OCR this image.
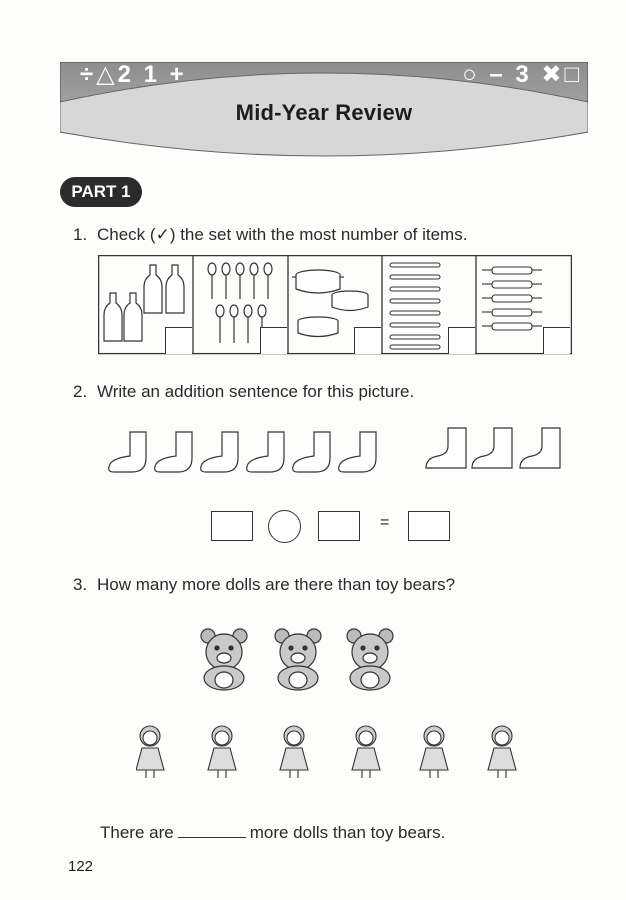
÷△2 1 +	○ – 3 ✖□
Mid-Year Review
PART 1
1. Check (✓) the set with the most number of items.
2. Write an addition sentence for this picture.
=
3. How many more dolls are there than toy bears?
There are	more dolls than toy bears.
122
